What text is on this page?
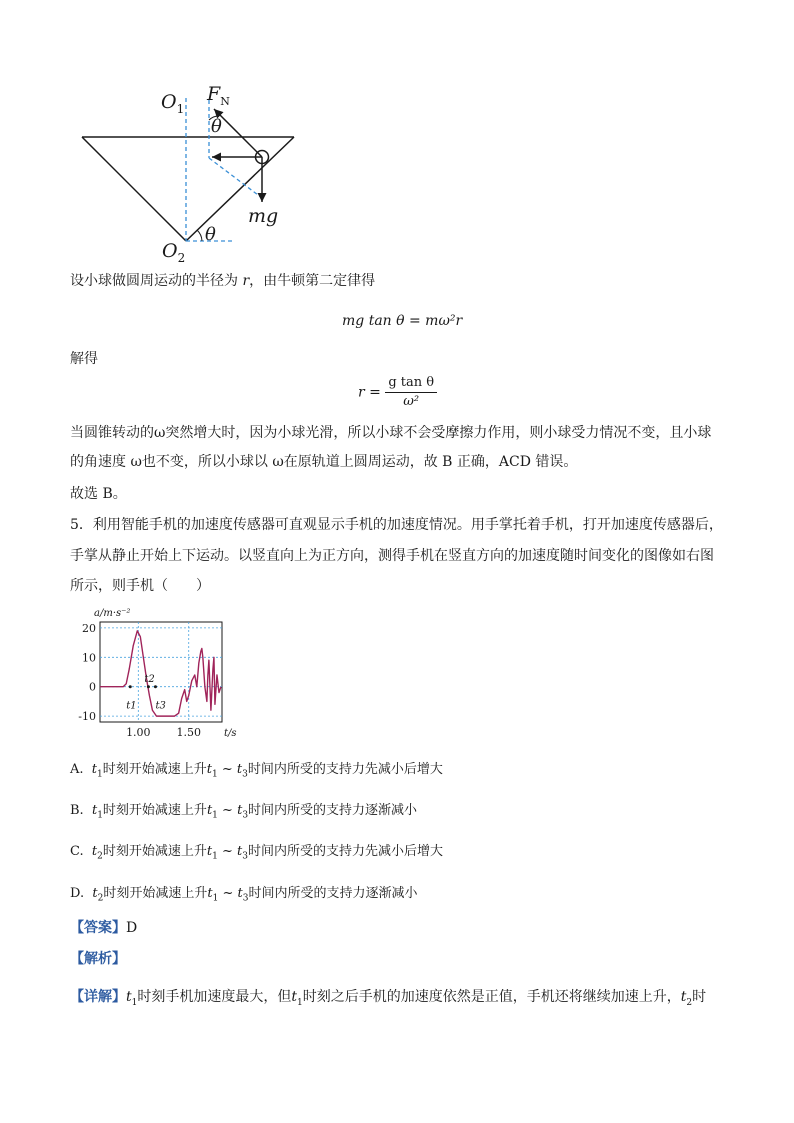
$O_1$
$O_2$
$F_N$
θ
θ
mg
设小球做圆周运动的半径为 r，由牛顿第二定律得
mg tan θ = mω²r
解得
$r = \frac{\text{g tan θ}}{\text{ω²}}$
当圆锥转动的ω突然增大时，因为小球光滑，所以小球不会受摩擦力作用，则小球受力情况不变，且小球
的角速度 ω也不变，所以小球以 ω在原轨道上圆周运动，故 B 正确，ACD 错误。
故选 B。
5．利用智能手机的加速度传感器可直观显示手机的加速度情况。用手掌托着手机，打开加速度传感器后，
手掌从静止开始上下运动。以竖直向上为正方向，测得手机在竖直方向的加速度随时间变化的图像如右图
所示，则手机（　　）
20
10
0
-10
1.00 1.50
a/m·s⁻²
t/s
t1
t2
t3
A. $t_1$时刻开始减速上升$t_1$ ~ $t_3$时间内所受的支持力先减小后增大
B. $t_1$时刻开始减速上升$t_1$ ~ $t_3$时间内所受的支持力逐渐减小
C. $t_2$时刻开始减速上升$t_1$ ~ $t_3$时间内所受的支持力先减小后增大
D. $t_2$时刻开始减速上升$t_1$ ~ $t_3$时间内所受的支持力逐渐减小
【答案】D
【解析】
【详解】$t_1$时刻手机加速度最大，但$t_1$时刻之后手机的加速度依然是正值，手机还将继续加速上升，$t_2$时
